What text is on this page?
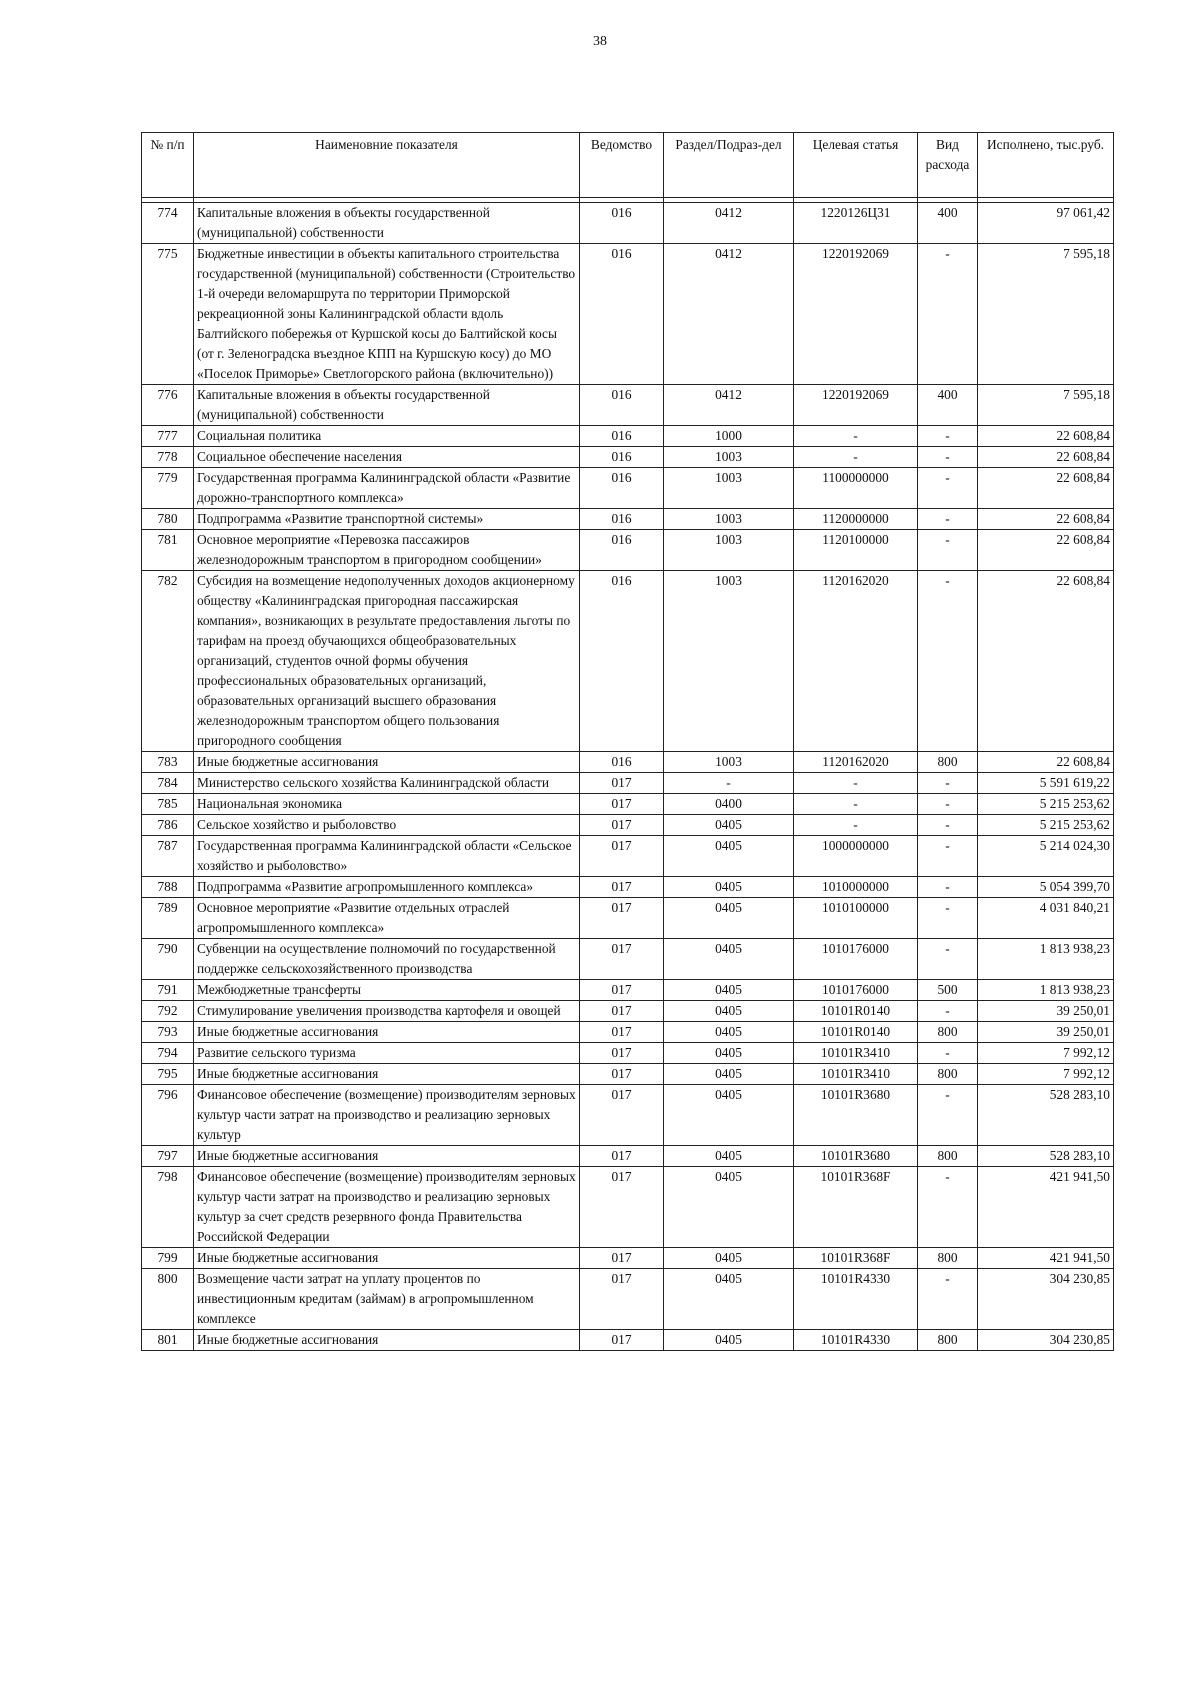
38
№ п/п	Наименовние показателя	Ведомство	Раздел/Подраз-дел	Целевая статья	Вид расхода	Исполнено, тыс.руб.

774	Капитальные вложения в объекты государственной (муниципальной) собственности	016	0412	1220126Ц31	400	97 061,42
775	Бюджетные инвестиции в объекты капитального строительства государственной (муниципальной) собственности (Строительство 1-й очереди веломаршрута по территории Приморской рекреационной зоны Калининградской области вдоль Балтийского побережья от Куршской косы до Балтийской косы (от г. Зеленоградска въездное КПП на Куршскую косу) до МО «Поселок Приморье» Светлогорского района (включительно))	016	0412	1220192069	-	7 595,18
776	Капитальные вложения в объекты государственной (муниципальной) собственности	016	0412	1220192069	400	7 595,18
777	Социальная политика	016	1000	-	-	22 608,84
778	Социальное обеспечение населения	016	1003	-	-	22 608,84
779	Государственная программа Калининградской области «Развитие дорожно-транспортного комплекса»	016	1003	1100000000	-	22 608,84
780	Подпрограмма «Развитие транспортной системы»	016	1003	1120000000	-	22 608,84
781	Основное мероприятие «Перевозка пассажиров железнодорожным транспортом в пригородном сообщении»	016	1003	1120100000	-	22 608,84
782	Субсидия на возмещение недополученных доходов акционерному обществу «Калининградская пригородная пассажирская компания», возникающих в результате предоставления льготы по тарифам на проезд обучающихся общеобразовательных организаций, студентов очной формы обучения профессиональных образовательных организаций, образовательных организаций высшего образования железнодорожным транспортом общего пользования пригородного сообщения	016	1003	1120162020	-	22 608,84
783	Иные бюджетные ассигнования	016	1003	1120162020	800	22 608,84
784	Министерство сельского хозяйства Калининградской области	017	-	-	-	5 591 619,22
785	Национальная экономика	017	0400	-	-	5 215 253,62
786	Сельское хозяйство и рыболовство	017	0405	-	-	5 215 253,62
787	Государственная программа Калининградской области «Сельское хозяйство и рыболовство»	017	0405	1000000000	-	5 214 024,30
788	Подпрограмма «Развитие агропромышленного комплекса»	017	0405	1010000000	-	5 054 399,70
789	Основное мероприятие «Развитие отдельных отраслей агропромышленного комплекса»	017	0405	1010100000	-	4 031 840,21
790	Субвенции на осуществление полномочий по государственной поддержке сельскохозяйственного производства	017	0405	1010176000	-	1 813 938,23
791	Межбюджетные трансферты	017	0405	1010176000	500	1 813 938,23
792	Стимулирование увеличения производства картофеля и овощей	017	0405	10101R0140	-	39 250,01
793	Иные бюджетные ассигнования	017	0405	10101R0140	800	39 250,01
794	Развитие сельского туризма	017	0405	10101R3410	-	7 992,12
795	Иные бюджетные ассигнования	017	0405	10101R3410	800	7 992,12
796	Финансовое обеспечение (возмещение) производителям зерновых культур части затрат на производство и реализацию зерновых культур	017	0405	10101R3680	-	528 283,10
797	Иные бюджетные ассигнования	017	0405	10101R3680	800	528 283,10
798	Финансовое обеспечение (возмещение) производителям зерновых культур части затрат на производство и реализацию зерновых культур за счет средств резервного фонда Правительства Российской Федерации	017	0405	10101R368F	-	421 941,50
799	Иные бюджетные ассигнования	017	0405	10101R368F	800	421 941,50
800	Возмещение части затрат на уплату процентов по инвестиционным кредитам (займам) в агропромышленном комплексе	017	0405	10101R4330	-	304 230,85
801	Иные бюджетные ассигнования	017	0405	10101R4330	800	304 230,85
